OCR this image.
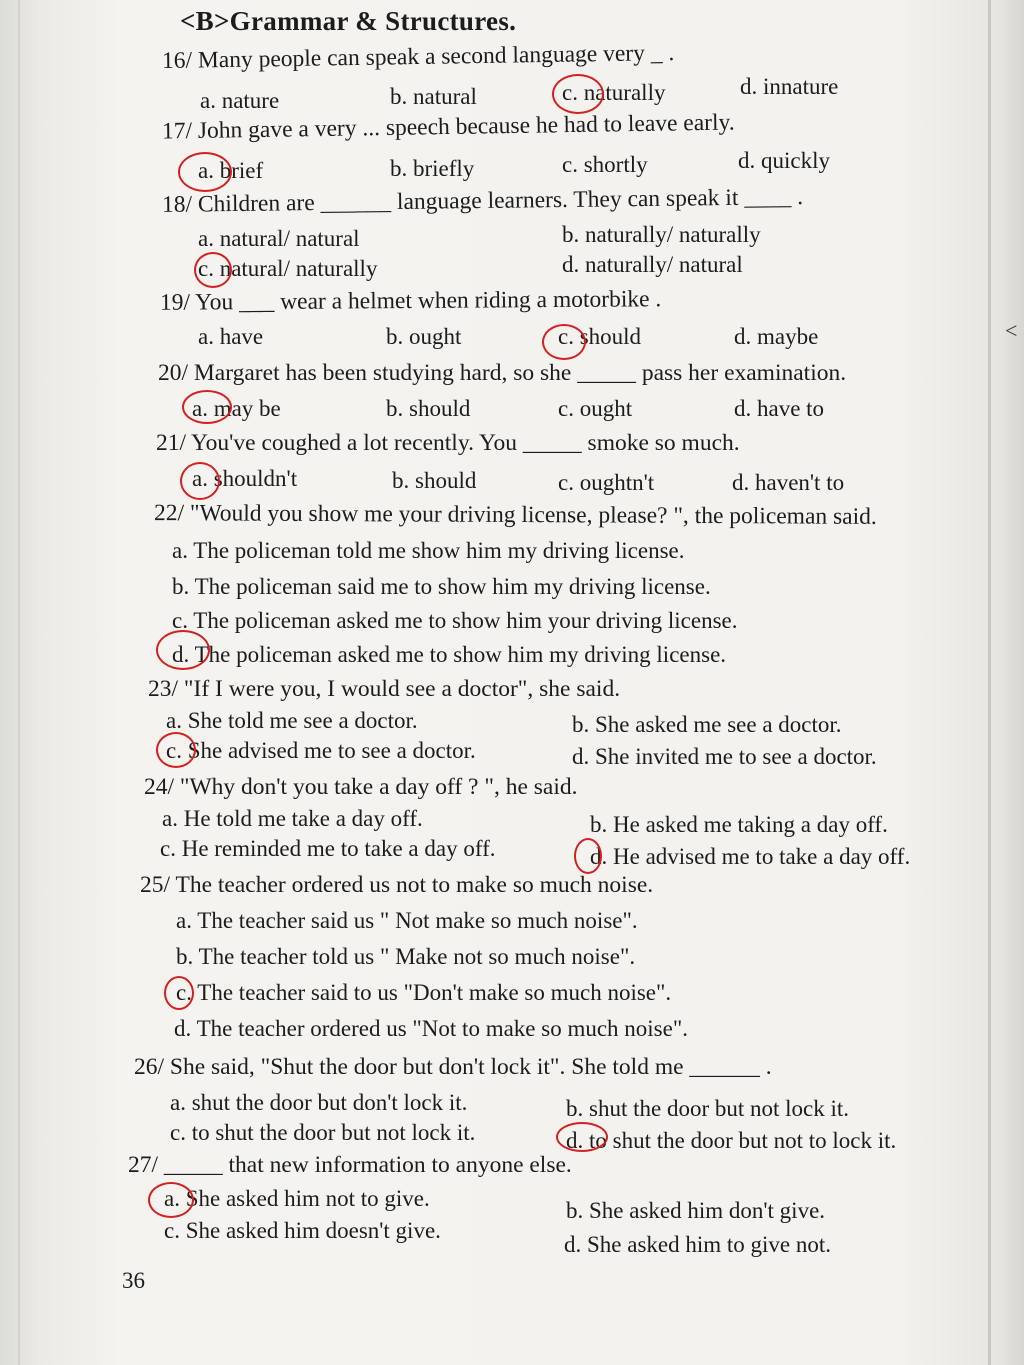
<B>Grammar & Structures.
<
16/ Many people can speak a second language very _ .
a. nature	b. natural	c. naturally	d. innature
17/ John gave a very ... speech because he had to leave early.
a. brief	b. briefly	c. shortly	d. quickly
18/ Children are ______ language learners. They can speak it ____ .
a. natural/ natural	b. naturally/ naturally
c. natural/ naturally	d. naturally/ natural
19/ You ___ wear a helmet when riding a motorbike .
a. have	b. ought	c. should	d. maybe
20/ Margaret has been studying hard, so she _____ pass her examination.
a. may be	b. should	c. ought	d. have to
21/ You've coughed a lot recently. You _____ smoke so much.
a. shouldn't	b. should	c. oughtn't	d. haven't to
22/ "Would you show me your driving license, please? ", the policeman said.
a. The policeman told me show him my driving license.
b. The policeman said me to show him my driving license.
c. The policeman asked me to show him your driving license.
d. The policeman asked me to show him my driving license.
23/ "If I were you, I would see a doctor", she said.
a. She told me see a doctor.	b. She asked me see a doctor.
c. She advised me to see a doctor.	d. She invited me to see a doctor.
24/ "Why don't you take a day off ? ", he said.
a. He told me take a day off.	b. He asked me taking a day off.
c. He reminded me to take a day off.	d. He advised me to take a day off.
25/ The teacher ordered us not to make so much noise.
a. The teacher said us " Not make so much noise".
b. The teacher told us " Make not so much noise".
c. The teacher said to us "Don't make so much noise".
d. The teacher ordered us "Not to make so much noise".
26/ She said, "Shut the door but don't lock it". She told me ______ .
a. shut the door but don't lock it.	b. shut the door but not lock it.
c. to shut the door but not lock it.	d. to shut the door but not to lock it.
27/ _____ that new information to anyone else.
a. She asked him not to give.	b. She asked him don't give.
c. She asked him doesn't give.
d. She asked him to give not.
36
